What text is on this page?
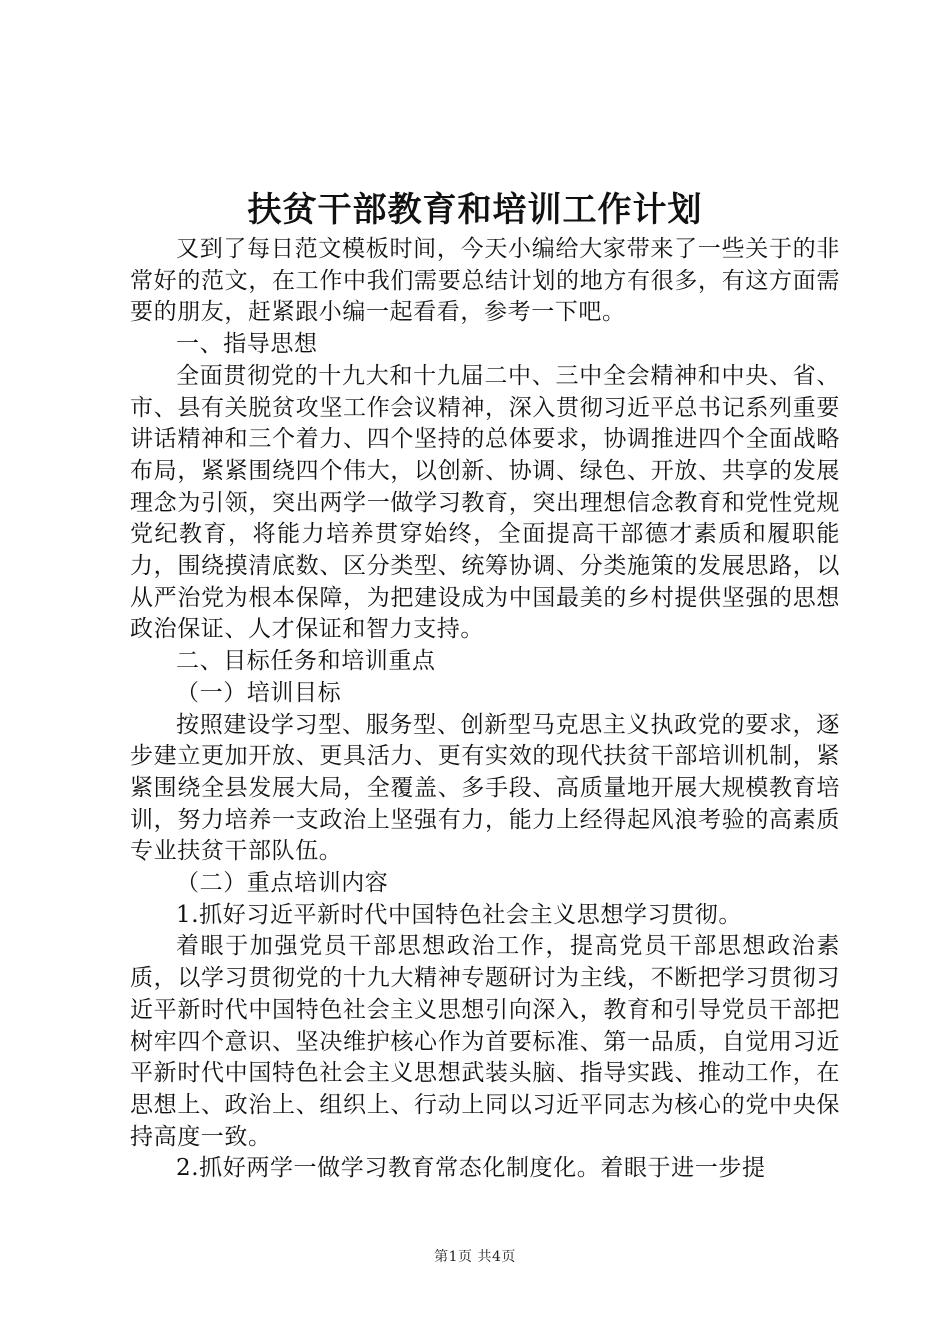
扶贫干部教育和培训工作计划

又到了每日范文模板时间，今天小编给大家带来了一些关于的非常好的范文，在工作中我们需要总结计划的地方有很多，有这方面需要的朋友，赶紧跟小编一起看看，参考一下吧。

一、指导思想

全面贯彻党的十九大和十九届二中、三中全会精神和中央、省、市、县有关脱贫攻坚工作会议精神，深入贯彻习近平总书记系列重要讲话精神和三个着力、四个坚持的总体要求，协调推进四个全面战略布局，紧紧围绕四个伟大，以创新、协调、绿色、开放、共享的发展理念为引领，突出两学一做学习教育，突出理想信念教育和党性党规党纪教育，将能力培养贯穿始终，全面提高干部德才素质和履职能力，围绕摸清底数、区分类型、统筹协调、分类施策的发展思路，以从严治党为根本保障，为把建设成为中国最美的乡村提供坚强的思想政治保证、人才保证和智力支持。

二、目标任务和培训重点

（一）培训目标

按照建设学习型、服务型、创新型马克思主义执政党的要求，逐步建立更加开放、更具活力、更有实效的现代扶贫干部培训机制，紧紧围绕全县发展大局，全覆盖、多手段、高质量地开展大规模教育培训，努力培养一支政治上坚强有力，能力上经得起风浪考验的高素质专业扶贫干部队伍。

（二）重点培训内容

1.抓好习近平新时代中国特色社会主义思想学习贯彻。

着眼于加强党员干部思想政治工作，提高党员干部思想政治素质，以学习贯彻党的十九大精神专题研讨为主线，不断把学习贯彻习近平新时代中国特色社会主义思想引向深入，教育和引导党员干部把树牢四个意识、坚决维护核心作为首要标准、第一品质，自觉用习近平新时代中国特色社会主义思想武装头脑、指导实践、推动工作，在思想上、政治上、组织上、行动上同以习近平同志为核心的党中央保持高度一致。

2.抓好两学一做学习教育常态化制度化。着眼于进一步提

第1页 共4页
